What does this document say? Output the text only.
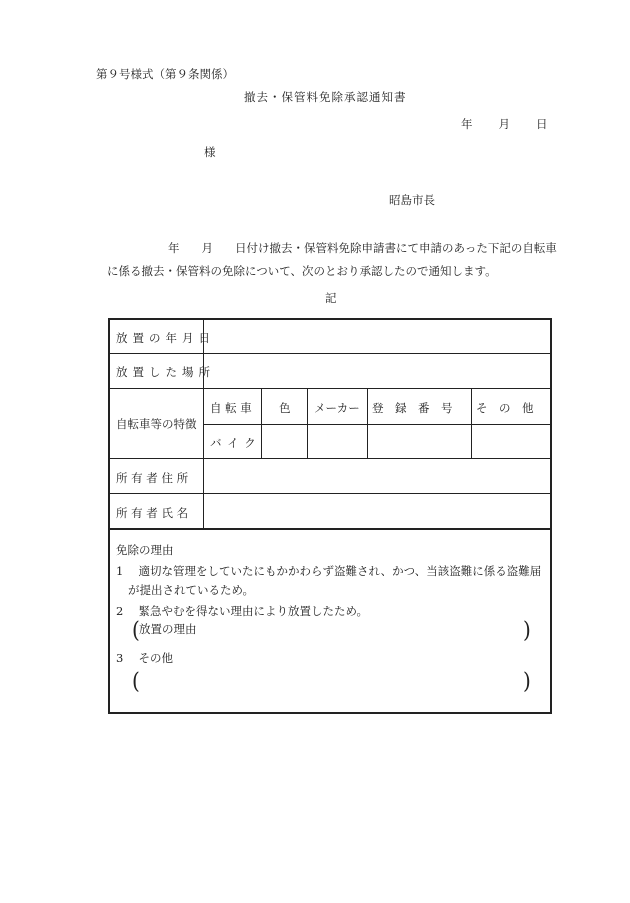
第９号様式（第９条関係）
撤去・保管料免除承認通知書
年 月 日
様
昭島市長
年 月 日付け撤去・保管料免除申請書にて申請のあった下記の自転車
に係る撤去・保管料の免除について、次のとおり承認したので通知します。
記
放置の年月日
放置した場所
自転車等の特徴
自 転 車
バ イ ク
色 メーカー 登　録　番　号 そ　の　他
所 有 者 住 所
所 有 者 氏 名
免除の理由
1　 適切な管理をしていたにもかかわらず盗難され、かつ、当該盗難に係る盗難届
が提出されているため。
2　 緊急やむを得ない理由により放置したため。
( 放置の理由	)
3　 その他
(	)
